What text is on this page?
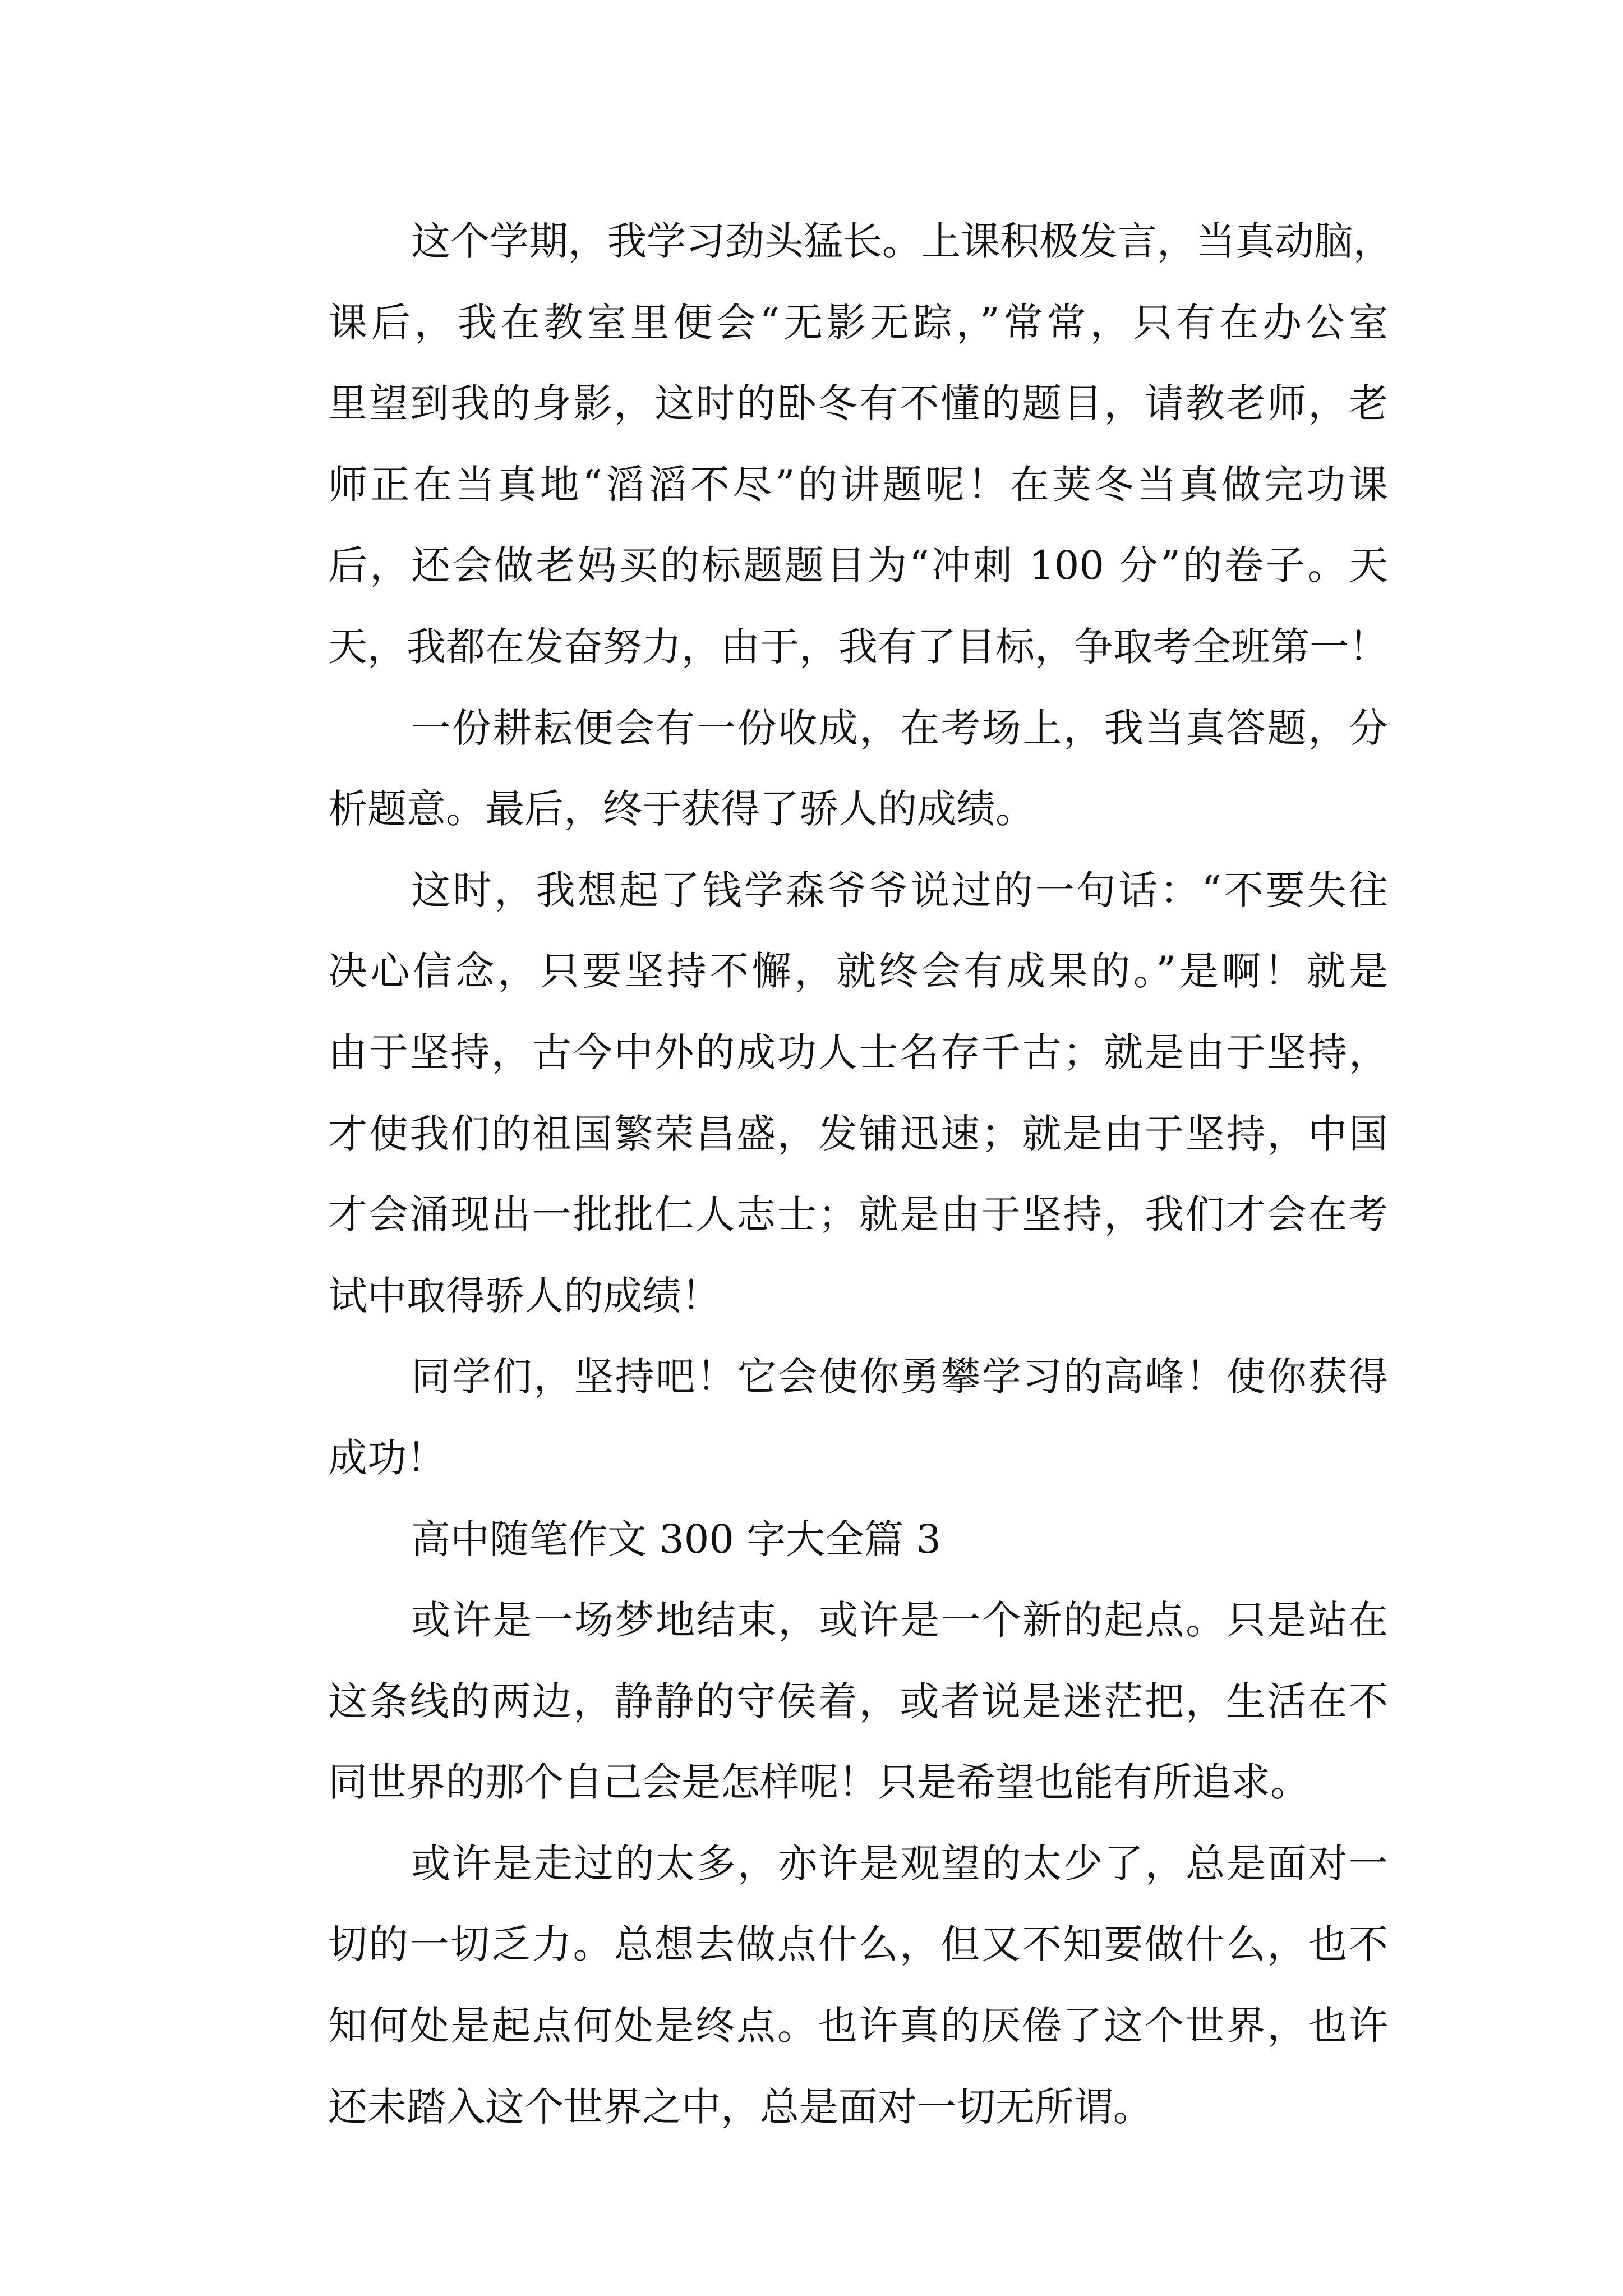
这个学期，我学习劲头猛长。上课积极发言，当真动脑，
课后，我在教室里便会“无影无踪，”常常，只有在办公室
里望到我的身影，这时的卧冬有不懂的题目，请教老师，老
师正在当真地“滔滔不尽”的讲题呢！在荚冬当真做完功课
后，还会做老妈买的标题题目为“冲刺 100 分”的卷子。天
天，我都在发奋努力，由于，我有了目标，争取考全班第一！
一份耕耘便会有一份收成，在考场上，我当真答题，分
析题意。最后，终于获得了骄人的成绩。
这时，我想起了钱学森爷爷说过的一句话：“不要失往
决心信念，只要坚持不懈，就终会有成果的。”是啊！就是
由于坚持，古今中外的成功人士名存千古；就是由于坚持，
才使我们的祖国繁荣昌盛，发铺迅速；就是由于坚持，中国
才会涌现出一批批仁人志士；就是由于坚持，我们才会在考
试中取得骄人的成绩！
同学们，坚持吧！它会使你勇攀学习的高峰！使你获得
成功！
高中随笔作文 300 字大全篇 3
或许是一场梦地结束，或许是一个新的起点。只是站在
这条线的两边，静静的守侯着，或者说是迷茫把，生活在不
同世界的那个自己会是怎样呢！只是希望也能有所追求。
或许是走过的太多，亦许是观望的太少了，总是面对一
切的一切乏力。总想去做点什么，但又不知要做什么，也不
知何处是起点何处是终点。也许真的厌倦了这个世界，也许
还未踏入这个世界之中，总是面对一切无所谓。
